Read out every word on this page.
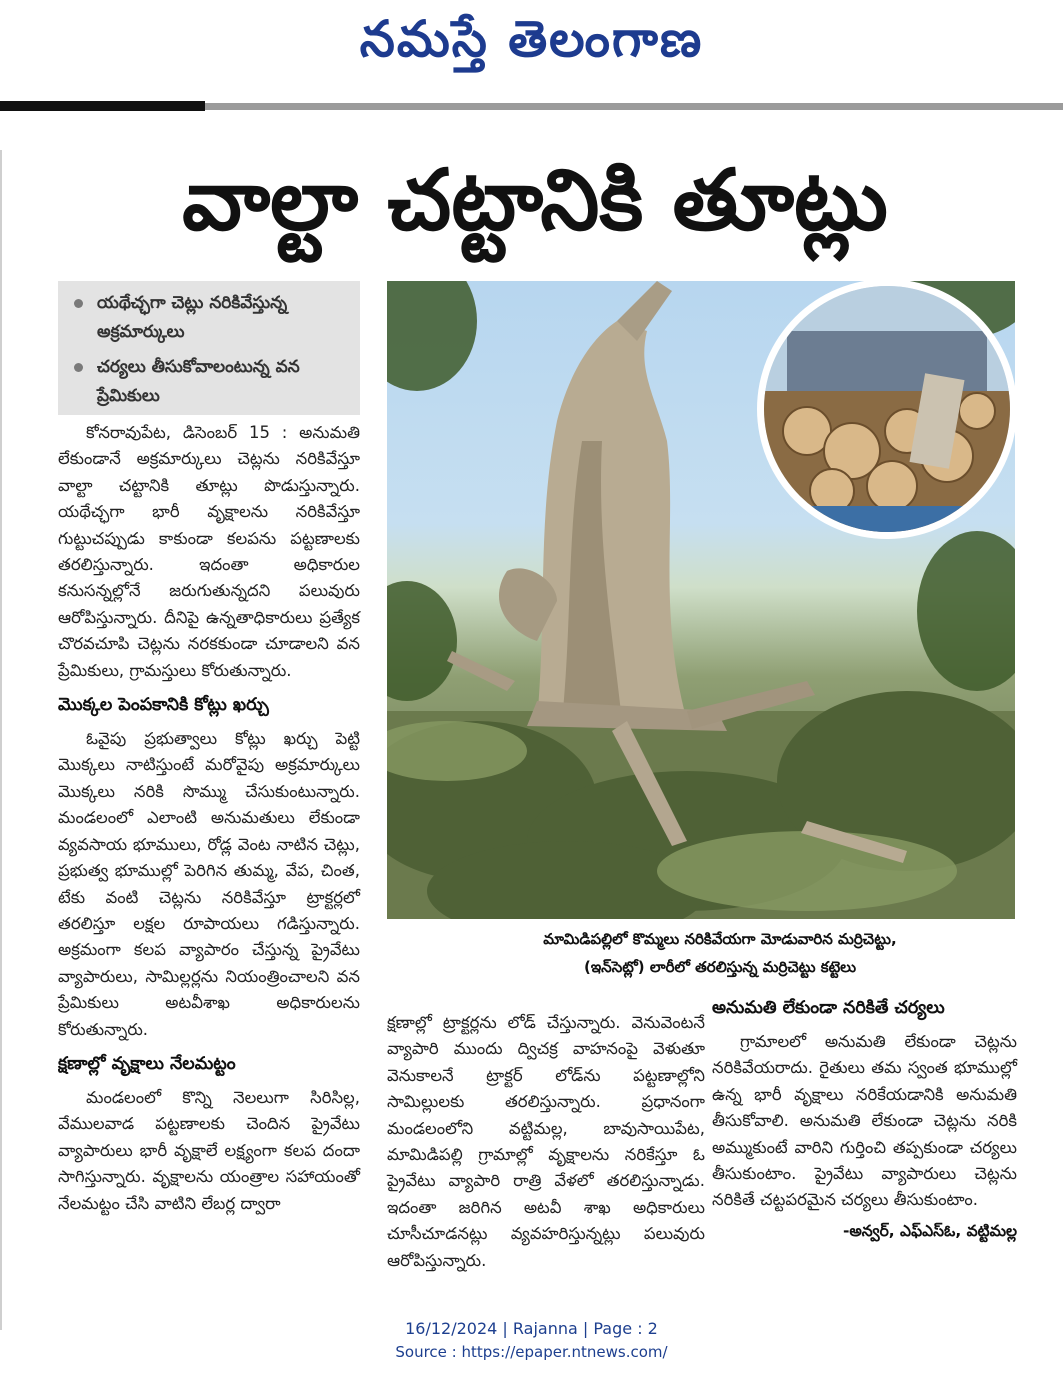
నమస్తే తెలంగాణ
వాల్టా చట్టానికి తూట్లు
యథేచ్ఛగా చెట్లు నరికివేస్తున్న అక్రమార్కులు
చర్యలు తీసుకోవాలంటున్న వన ప్రేమికులు

కోనరావుపేట, డిసెంబర్ 15 : అనుమతి లేకుండానే అక్రమార్కులు చెట్లను నరికివేస్తూ వాల్టా చట్టానికి తూట్లు పొడుస్తున్నారు. యథేచ్ఛగా భారీ వృక్షాలను నరికివేస్తూ గుట్టుచప్పుడు కాకుండా కలపను పట్టణాలకు తరలిస్తున్నారు. ఇదంతా అధికారుల కనుసన్నల్లోనే జరుగుతున్నదని పలువురు ఆరోపిస్తున్నారు. దీనిపై ఉన్నతాధికారులు ప్రత్యేక చొరవచూపి చెట్లను నరకకుండా చూడాలని వన ప్రేమికులు, గ్రామస్తులు కోరుతున్నారు.

మొక్కల పెంపకానికి కోట్లు ఖర్చు

ఓవైపు ప్రభుత్వాలు కోట్లు ఖర్చు పెట్టి మొక్కలు నాటిస్తుంటే మరోవైపు అక్రమార్కులు మొక్కలు నరికి సొమ్ము చేసుకుంటున్నారు. మండలంలో ఎలాంటి అనుమతులు లేకుండా వ్యవసాయ భూములు, రోడ్ల వెంట నాటిన చెట్లు, ప్రభుత్వ భూముల్లో పెరిగిన తుమ్మ, వేప, చింత, టేకు వంటి చెట్లను నరికివేస్తూ ట్రాక్టర్లలో తరలిస్తూ లక్షల రూపాయలు గడిస్తున్నారు. అక్రమంగా కలప వ్యాపారం చేస్తున్న ప్రైవేటు వ్యాపారులు, సామిల్లర్లను నియంత్రించాలని వన ప్రేమికులు అటవీశాఖ అధికారులను కోరుతున్నారు.

క్షణాల్లో వృక్షాలు నేలమట్టం

మండలంలో కొన్ని నెలలుగా సిరిసిల్ల, వేములవాడ పట్టణాలకు చెందిన ప్రైవేటు వ్యాపారులు భారీ వృక్షాలే లక్ష్యంగా కలప దందా సాగిస్తున్నారు. వృక్షాలను యంత్రాల సహాయంతో నేలమట్టం చేసి వాటిని లేబర్ల ద్వారా

మామిడిపల్లిలో కొమ్మలు నరికివేయగా మోడువారిన మర్రిచెట్టు,
(ఇన్‌సెట్లో) లారీలో తరలిస్తున్న మర్రిచెట్టు కట్టెలు

క్షణాల్లో ట్రాక్టర్లను లోడ్ చేస్తున్నారు. వెనువెంటనే వ్యాపారి ముందు ద్విచక్ర వాహనంపై వెళుతూ వెనుకాలనే ట్రాక్టర్ లోడ్‌ను పట్టణాల్లోని సామిల్లులకు తరలిస్తున్నారు. ప్రధానంగా మండలంలోని వట్టిమల్ల, బావుసాయిపేట, మామిడిపల్లి గ్రామాల్లో వృక్షాలను నరికేస్తూ ఓ ప్రైవేటు వ్యాపారి రాత్రి వేళలో తరలిస్తున్నాడు. ఇదంతా జరిగిన అటవీ శాఖ అధికారులు చూసీచూడనట్లు వ్యవహరిస్తున్నట్లు పలువురు ఆరోపిస్తున్నారు.

అనుమతి లేకుండా నరికితే చర్యలు

గ్రామాలలో అనుమతి లేకుండా చెట్లను నరికివేయరాదు. రైతులు తమ స్వంత భూముల్లో ఉన్న భారీ వృక్షాలు నరికేయడానికి అనుమతి తీసుకోవాలి. అనుమతి లేకుండా చెట్లను నరికి అమ్ముకుంటే వారిని గుర్తించి తప్పకుండా చర్యలు తీసుకుంటాం. ప్రైవేటు వ్యాపారులు చెట్లను నరికితే చట్టపరమైన చర్యలు తీసుకుంటాం.

-అన్వర్, ఎఫ్ఎస్ఓ, వట్టిమల్ల
16/12/2024 | Rajanna | Page : 2
Source : https://epaper.ntnews.com/
